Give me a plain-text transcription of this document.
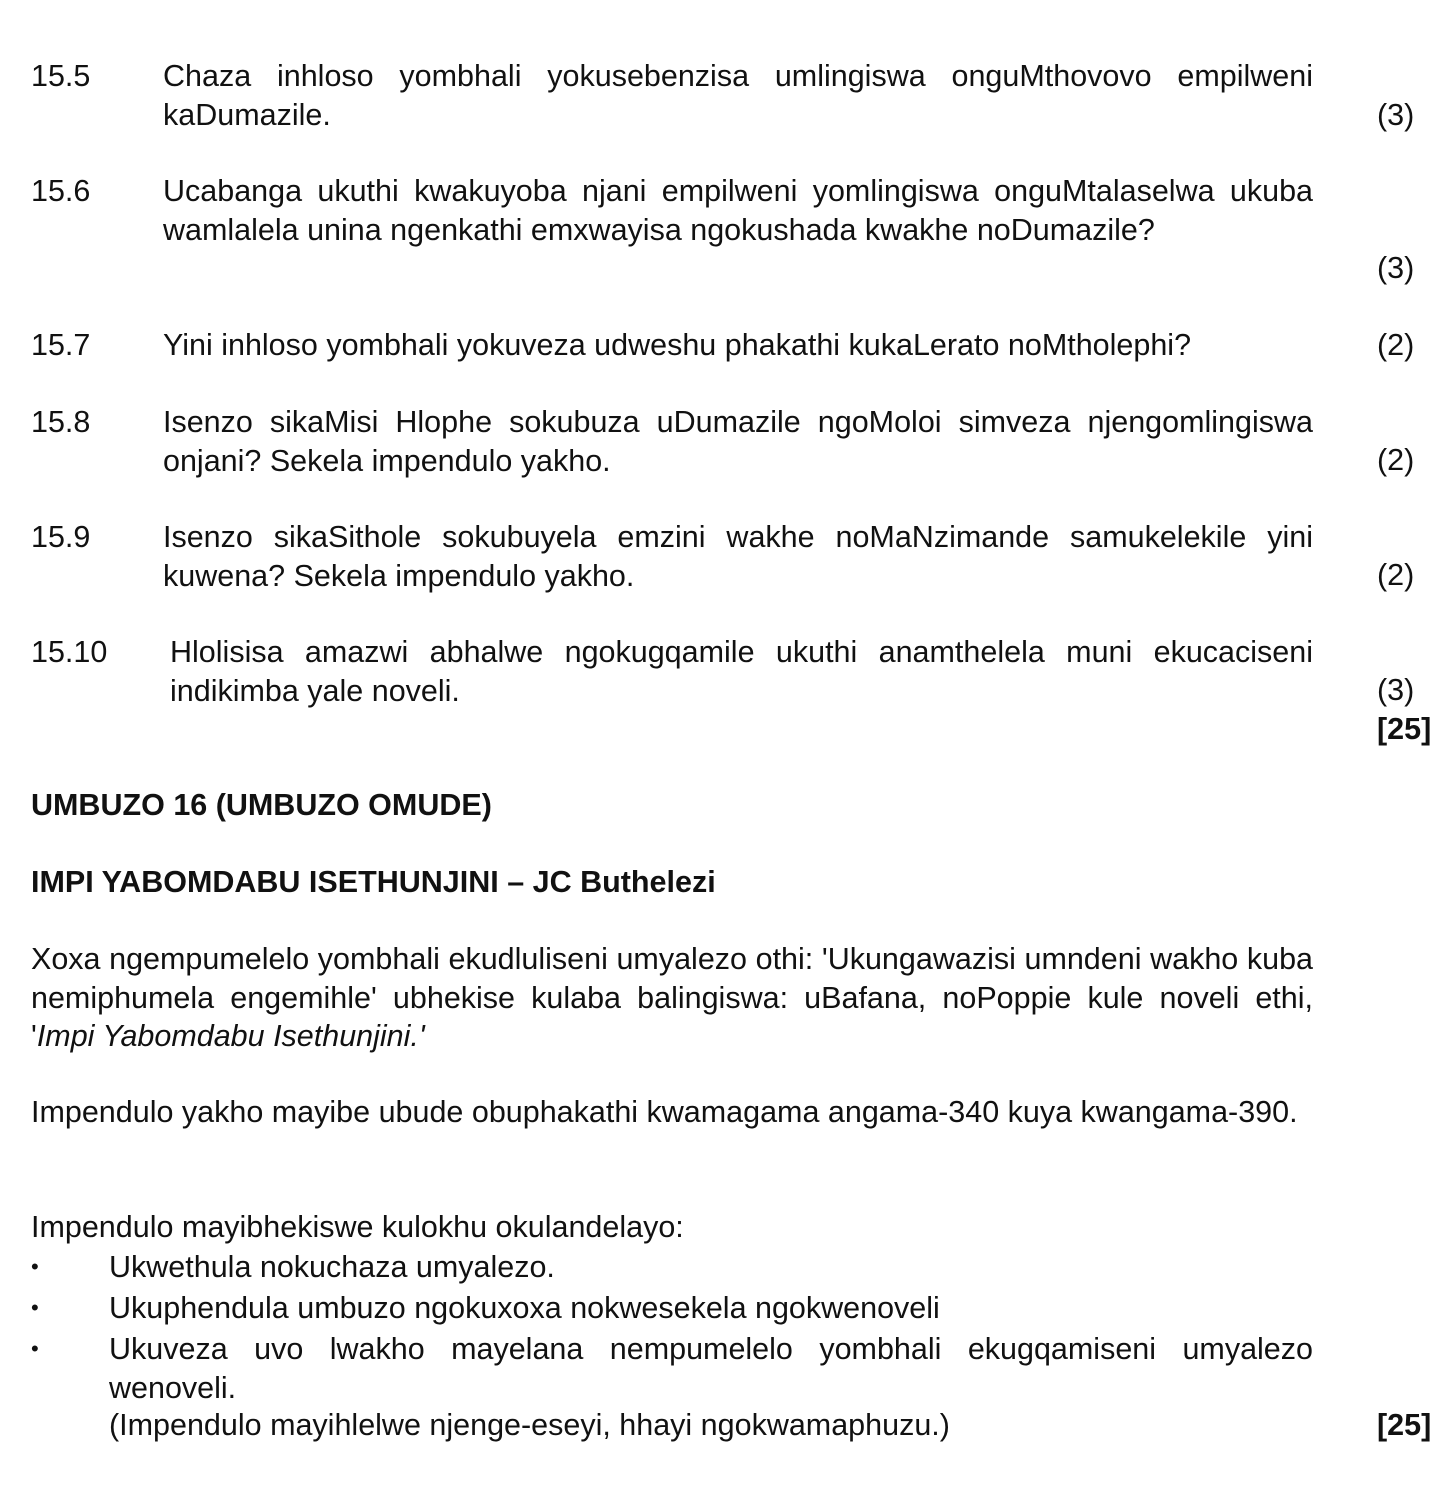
15.5 Chaza inhloso yombhali yokusebenzisa umlingiswa onguMthovovo empilweni kaDumazile.	(3)
15.6 Ucabanga ukuthi kwakuyoba njani empilweni yomlingiswa onguMtalaselwa ukuba wamlalela unina ngenkathi emxwayisa ngokushada kwakhe noDumazile?
(3)
15.7 Yini inhloso yombhali yokuveza udweshu phakathi kukaLerato noMtholephi?	(2)
15.8 Isenzo sikaMisi Hlophe sokubuza uDumazile ngoMoloi simveza njengomlingiswa onjani? Sekela impendulo yakho.	(2)
15.9 Isenzo sikaSithole sokubuyela emzini wakhe noMaNzimande samukelekile yini kuwena? Sekela impendulo yakho.	(2)
15.10 Hlolisisa amazwi abhalwe ngokugqamile ukuthi anamthelela muni ekucaciseni indikimba yale noveli.	(3)
[25]
UMBUZO 16 (UMBUZO OMUDE)
IMPI YABOMDABU ISETHUNJINI – JC Buthelezi
Xoxa ngempumelelo yombhali ekudluliseni umyalezo othi: 'Ukungawazisi umndeni wakho kuba nemiphumela engemihle' ubhekise kulaba balingiswa: uBafana, noPoppie kule noveli ethi, 'Impi Yabomdabu Isethunjini.'
Impendulo yakho mayibe ubude obuphakathi kwamagama angama-340 kuya kwangama-390.
Impendulo mayibhekiswe kulokhu okulandelayo:
• Ukwethula nokuchaza umyalezo.
• Ukuphendula umbuzo ngokuxoxa nokwesekela ngokwenoveli
• Ukuveza uvo lwakho mayelana nempumelelo yombhali ekugqamiseni umyalezo wenoveli.
(Impendulo mayihlelwe njenge-eseyi, hhayi ngokwamaphuzu.)	[25]
